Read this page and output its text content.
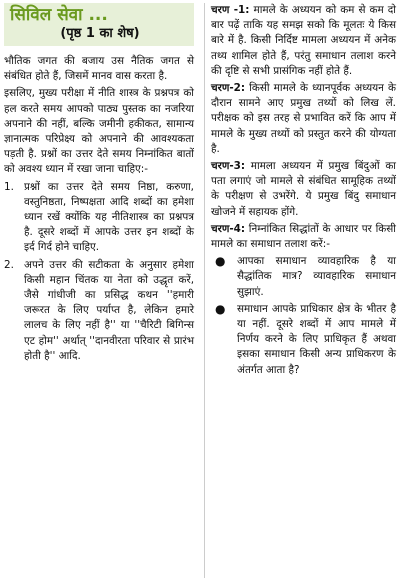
सिविल सेवा ...
(पृष्ठ 1 का शेष)

भौतिक जगत की बजाय उस नैतिक जगत से संबंधित होते हैं, जिसमें मानव वास करता है.

इसलिए, मुख्य परीक्षा में नीति शास्त्र के प्रश्नपत्र को हल करते समय आपको पाठ्य पुस्तक का नजरिया अपनाने की नहीं, बल्कि जमीनी हकीकत, सामान्य ज्ञानात्मक परिप्रेक्ष्य को अपनाने की आवश्यकता पड़ती है. प्रश्नों का उत्तर देते समय निम्नांकित बातों को अवश्य ध्यान में रखा जाना चाहिए:-

1. प्रश्नों का उत्तर देते समय निष्ठा, करुणा, वस्तुनिष्ठता, निष्पक्षता आदि शब्दों का हमेशा ध्यान रखें क्योंकि यह नीतिशास्त्र का प्रश्नपत्र है. दूसरे शब्दों में आपके उत्तर इन शब्दों के इर्द गिर्द होने चाहिए.
2. अपने उत्तर की सटीकता के अनुसार हमेशा किसी महान चिंतक या नेता को उद्धृत करें, जैसे गांधीजी का प्रसिद्ध कथन ''हमारी जरूरत के लिए पर्याप्त है, लेकिन हमारे लालच के लिए नहीं है'' या ''चैरिटी बिगिन्स एट होम'' अर्थात् ''दानवीरता परिवार से प्रारंभ होती है'' आदि.

चरण -1: मामले के अध्ययन को कम से कम दो बार पढ़ें ताकि यह समझ सको कि मूलतः ये किस बारे में है. किसी निर्दिष्ट मामला अध्ययन में अनेक तथ्य शामिल होते हैं, परंतु समाधान तलाश करने की दृष्टि से सभी प्रासंगिक नहीं होते हैं.

चरण-2: किसी मामले के ध्यानपूर्वक अध्ययन के दौरान सामने आए प्रमुख तथ्यों को लिख लें. परीक्षक को इस तरह से प्रभावित करें कि आप में मामले के मुख्य तथ्यों को प्रस्तुत करने की योग्यता है.

चरण-3: मामला अध्ययन में प्रमुख बिंदुओं का पता लगाएं जो मामले से संबंधित सामूहिक तथ्यों के परीक्षण से उभरेंगे. ये प्रमुख बिंदु समाधान खोजने में सहायक होंगे.

चरण-4: निम्नांकित सिद्धांतों के आधार पर किसी मामले का समाधान तलाश करें:-

●	आपका समाधान व्यावहारिक है या सैद्धांतिक मात्र? व्यावहारिक समाधान सुझाएं.
●	समाधान आपके प्राधिकार क्षेत्र के भीतर है या नहीं. दूसरे शब्दों में आप मामले में निर्णय करने के लिए प्राधिकृत हैं अथवा इसका समाधान किसी अन्य प्राधिकरण के अंतर्गत आता है?
